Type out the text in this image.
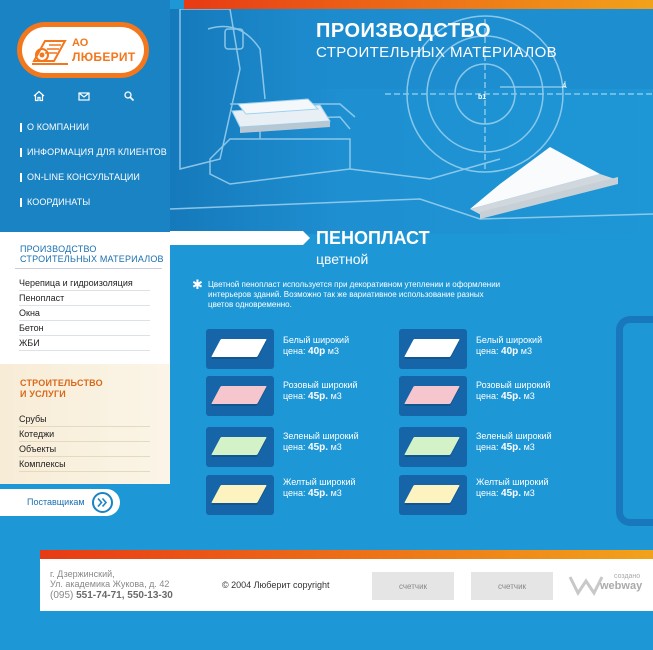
АО
ЛЮБЕРИТ
О КОМПАНИИ
ИНФОРМАЦИЯ ДЛЯ КЛИЕНТОВ
ON-LINE КОНСУЛЬТАЦИИ
КООРДИНАТЫ
ПРОИЗВОДСТВО
СТРОИТЕЛЬНЫХ МАТЕРИАЛОВ
Черепица и гидроизоляция
Пенопласт
Окна
Бетон
ЖБИ
СТРОИТЕЛЬСТВО
И УСЛУГИ
Срубы
Котеджи
Объекты
Комплексы
Поставщикам
b1
A
ПРОИЗВОДСТВО
СТРОИТЕЛЬНЫХ МАТЕРИАЛОВ
ПЕНОПЛАСТ
цветной
✱ Цветной пенопласт используется при декоративном утеплении и оформлении
интерьеров зданий. Возможно так же вариативное использование разных
цветов одновременно.
Белый широкий
цена: 40р м3
Белый широкий
цена: 40р м3
Розовый широкий
цена: 45р. м3
Розовый широкий
цена: 45р. м3
Зеленый широкий
цена: 45р. м3
Зеленый широкий
цена: 45р. м3
Желтый широкий
цена: 45р. м3
Желтый широкий
цена: 45р. м3
г. Дзержинский,
Ул. академика Жукова, д. 42
(095) 551-74-71, 550-13-30
© 2004 Люберит copyright	счетчик	счетчик
создано
webway
